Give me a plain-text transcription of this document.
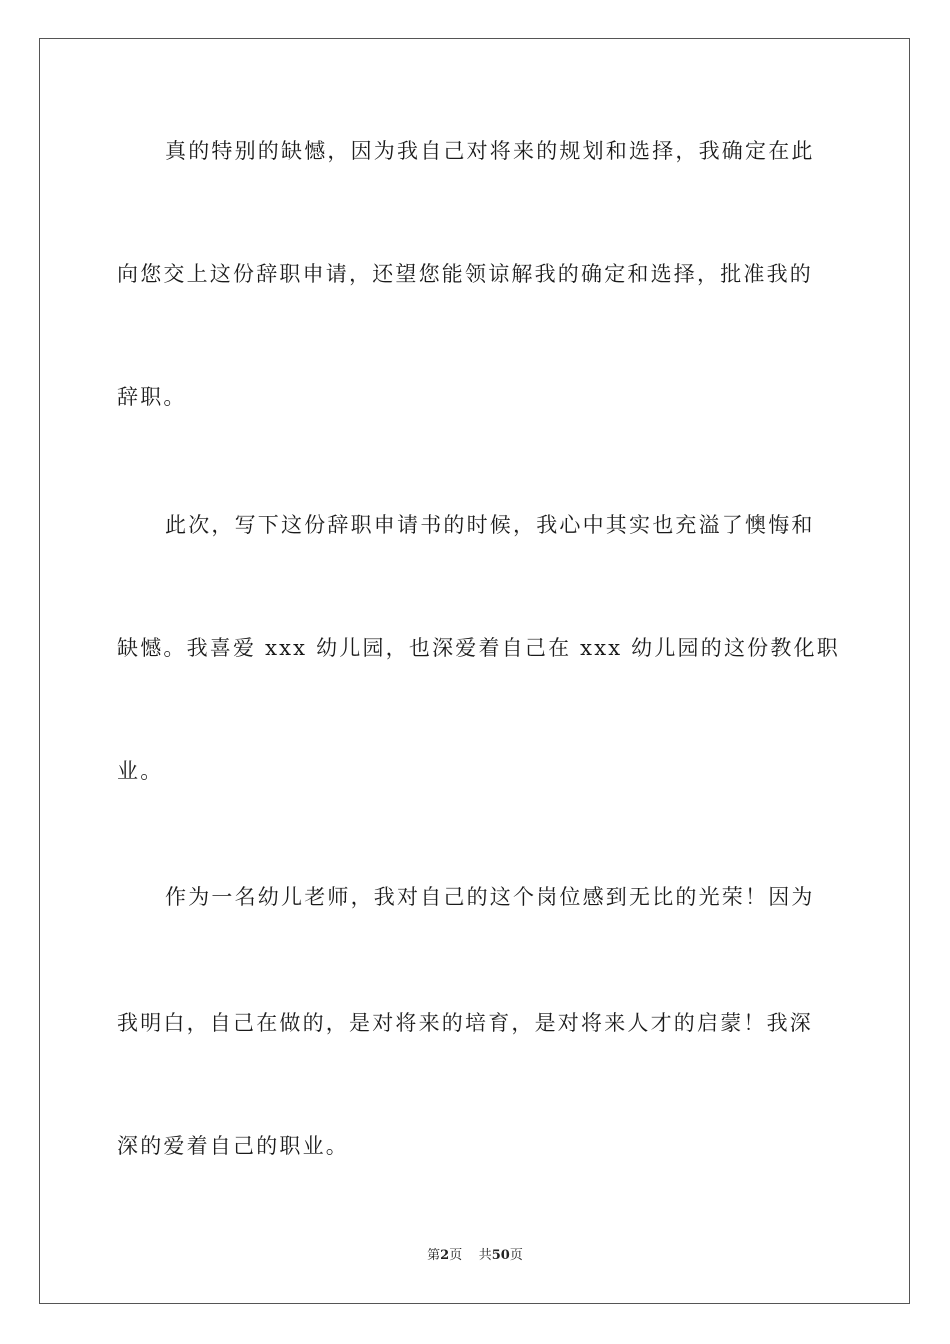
真的特别的缺憾，因为我自己对将来的规划和选择，我确定在此
向您交上这份辞职申请，还望您能领谅解我的确定和选择，批准我的
辞职。
此次，写下这份辞职申请书的时候，我心中其实也充溢了懊悔和
缺憾。我喜爱 xxx 幼儿园，也深爱着自己在 xxx 幼儿园的这份教化职
业。
作为一名幼儿老师，我对自己的这个岗位感到无比的光荣！因为
我明白，自己在做的，是对将来的培育，是对将来人才的启蒙！我深
深的爱着自己的职业。
第2页 共50页
